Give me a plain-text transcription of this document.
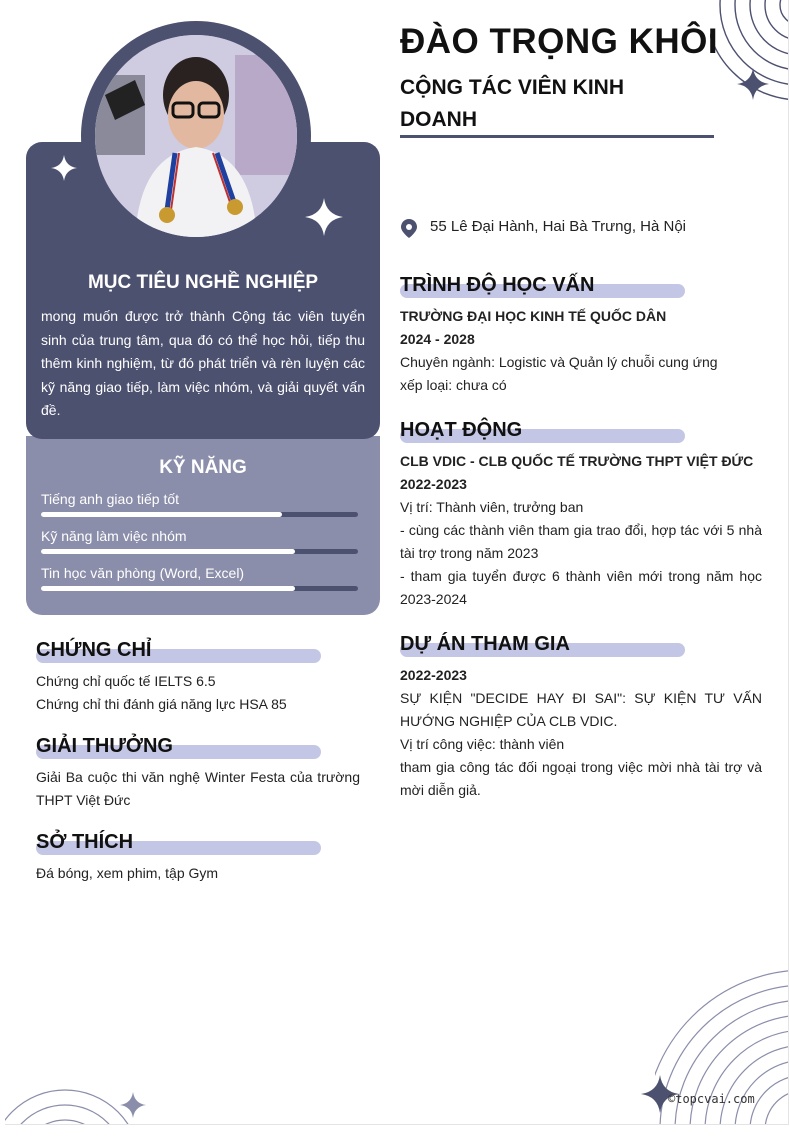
MỤC TIÊU NGHỀ NGHIỆP
mong muốn được trở thành Cộng tác viên tuyển sinh của trung tâm, qua đó có thể học hỏi, tiếp thu thêm kinh nghiệm, từ đó phát triển và rèn luyện các kỹ năng giao tiếp, làm việc nhóm, và giải quyết vấn đề.
KỸ NĂNG
Tiếng anh giao tiếp tốt
Kỹ năng làm việc nhóm
Tin học văn phòng (Word, Excel)
CHỨNG CHỈ
Chứng chỉ quốc tế IELTS 6.5
Chứng chỉ thi đánh giá năng lực HSA 85
GIẢI THƯỞNG
Giải Ba cuộc thi văn nghệ Winter Festa của trường THPT Việt Đức
SỞ THÍCH
Đá bóng, xem phim, tập Gym
ĐÀO TRỌNG KHÔI
CỘNG TÁC VIÊN KINH DOANH
55 Lê Đại Hành, Hai Bà Trưng, Hà Nội
TRÌNH ĐỘ HỌC VẤN
TRƯỜNG ĐẠI HỌC KINH TẾ QUỐC DÂN
2024 - 2028
Chuyên ngành: Logistic và Quản lý chuỗi cung ứng
xếp loại: chưa có
HOẠT ĐỘNG
CLB VDIC - CLB QUỐC TẾ TRƯỜNG THPT VIỆT ĐỨC
2022-2023
Vị trí: Thành viên, trưởng ban
- cùng các thành viên tham gia trao đổi, hợp tác với 5 nhà tài trợ trong năm 2023
- tham gia tuyển được 6 thành viên mới trong năm học 2023-2024
DỰ ÁN THAM GIA
2022-2023
SỰ KIỆN "DECIDE HAY ĐI SAI": SỰ KIỆN TƯ VẤN HƯỚNG NGHIỆP CỦA CLB VDIC.
Vị trí công việc: thành viên
tham gia công tác đối ngoại trong việc mời nhà tài trợ và mời diễn giả.
©topcvai.com
